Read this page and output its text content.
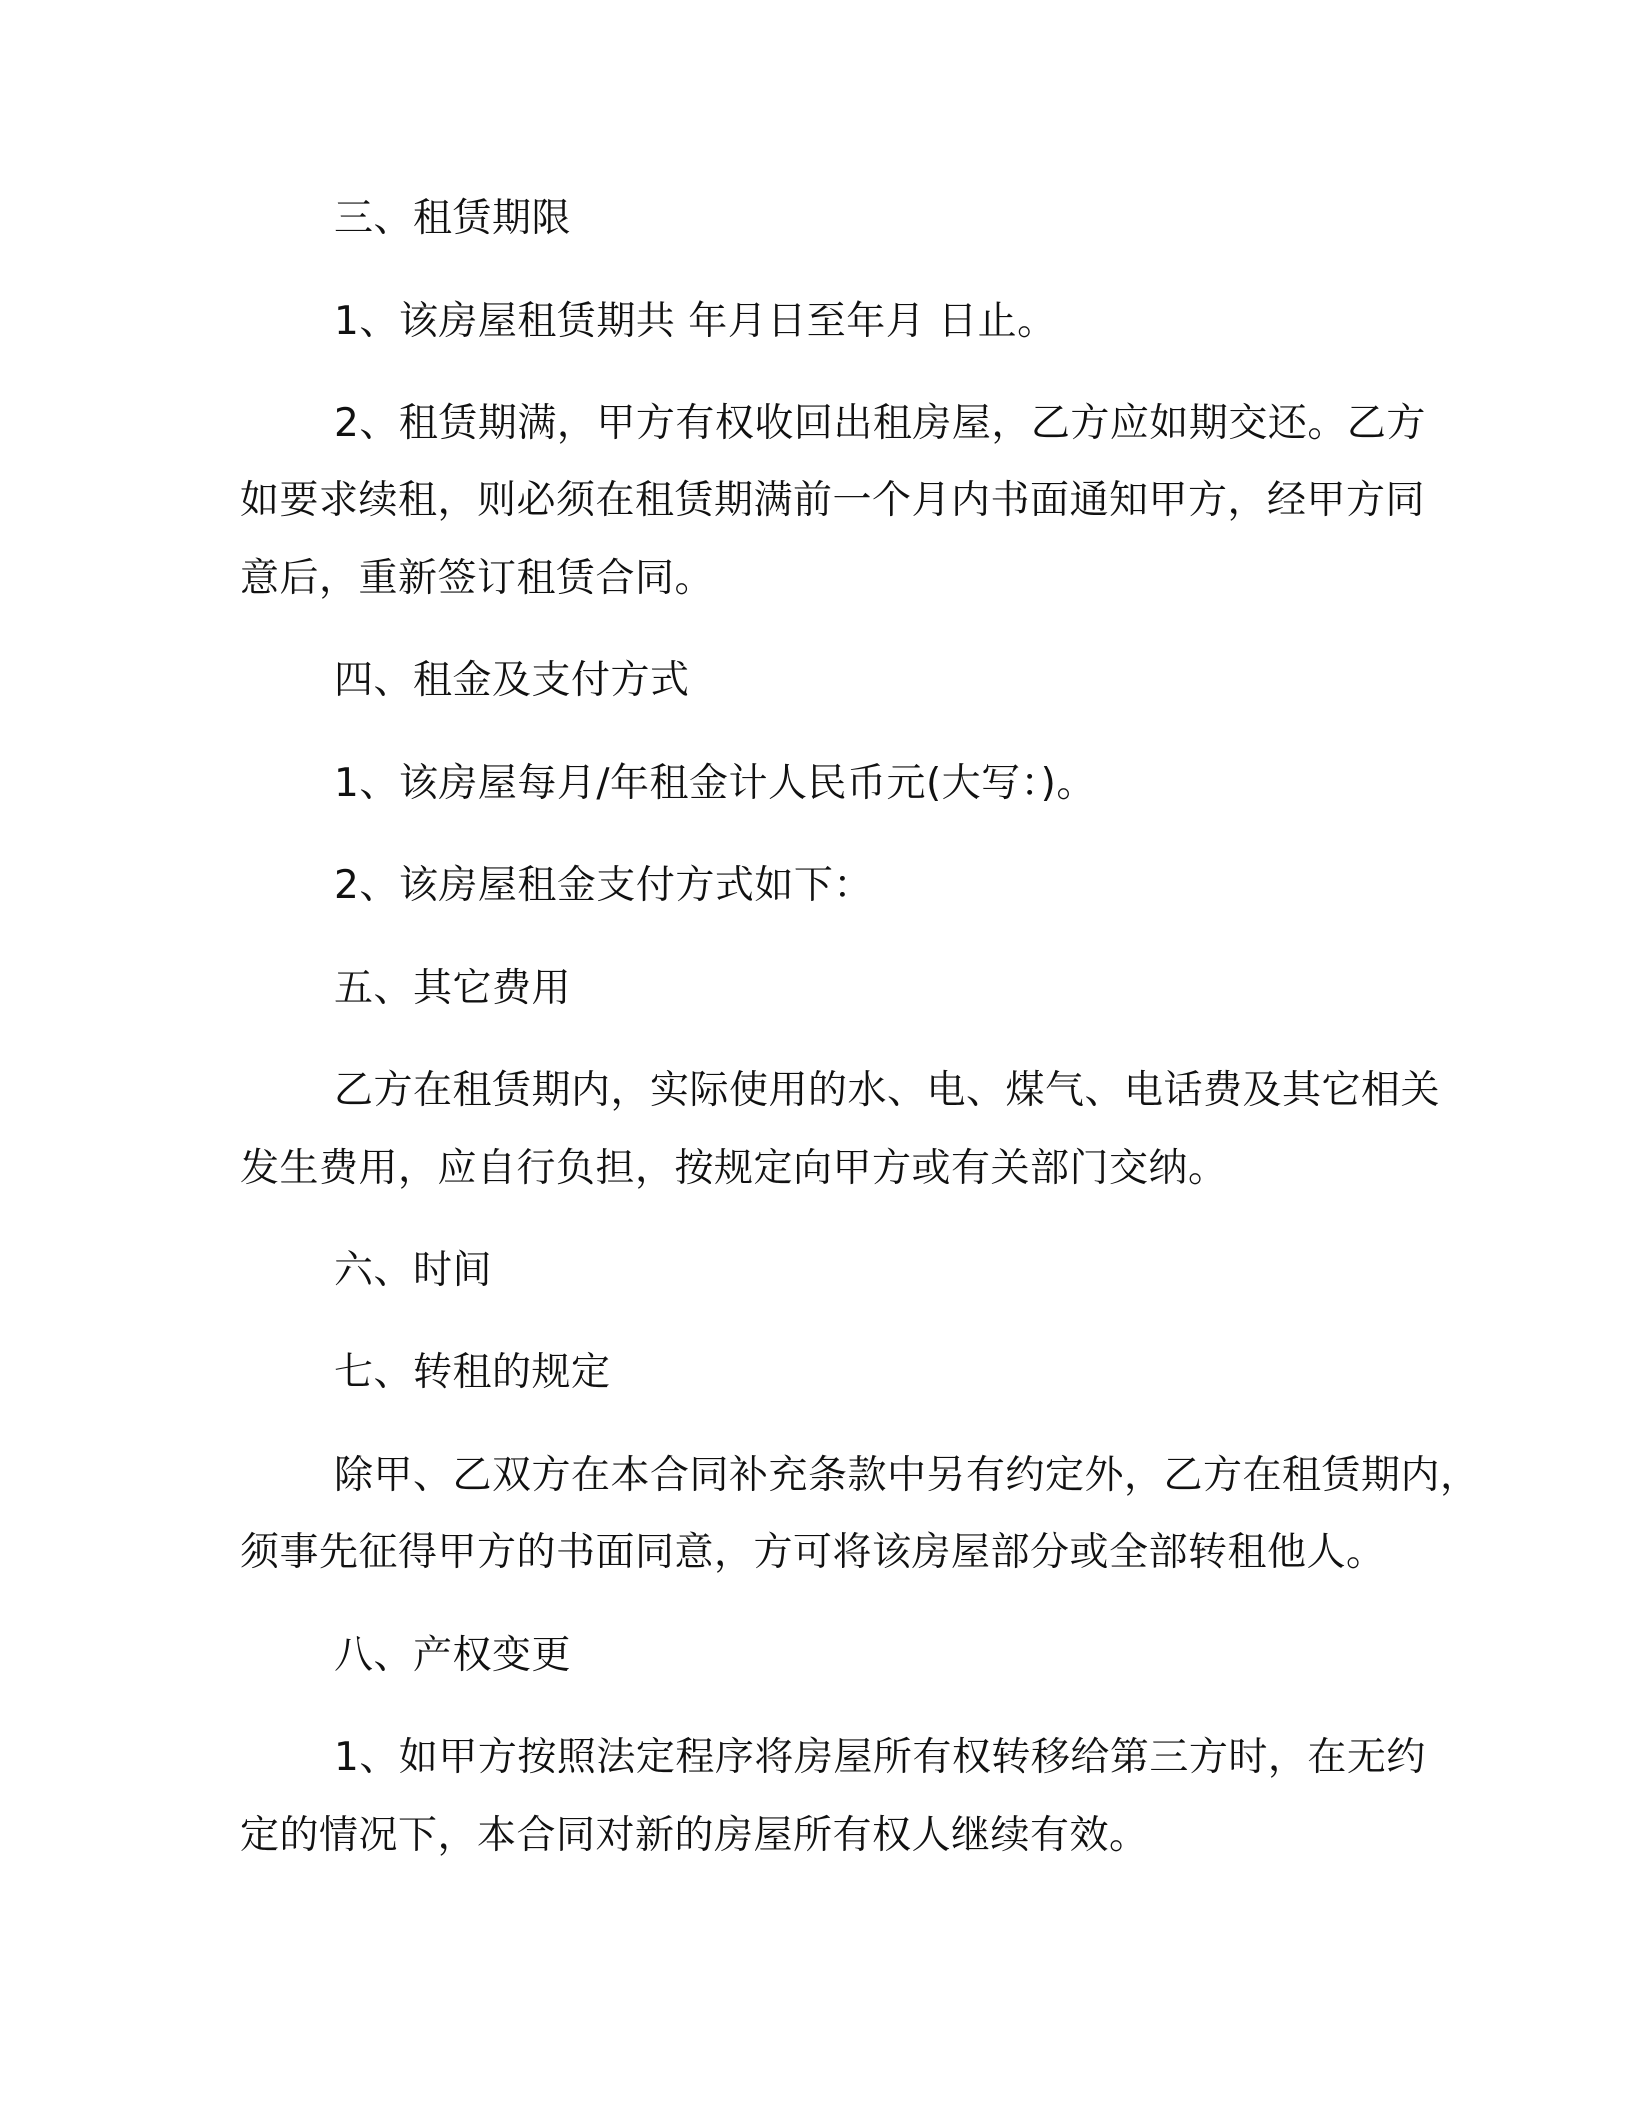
三、租赁期限
1、该房屋租赁期共 年月日至年月 日止。
2、租赁期满，甲方有权收回出租房屋，乙方应如期交还。乙方
如要求续租，则必须在租赁期满前一个月内书面通知甲方，经甲方同
意后，重新签订租赁合同。
四、租金及支付方式
1、该房屋每月/年租金计人民币元(大写：)。
2、该房屋租金支付方式如下：
五、其它费用
乙方在租赁期内，实际使用的水、电、煤气、电话费及其它相关
发生费用，应自行负担，按规定向甲方或有关部门交纳。
六、时间
七、转租的规定
除甲、乙双方在本合同补充条款中另有约定外，乙方在租赁期内，
须事先征得甲方的书面同意，方可将该房屋部分或全部转租他人。
八、产权变更
1、如甲方按照法定程序将房屋所有权转移给第三方时，在无约
定的情况下，本合同对新的房屋所有权人继续有效。
